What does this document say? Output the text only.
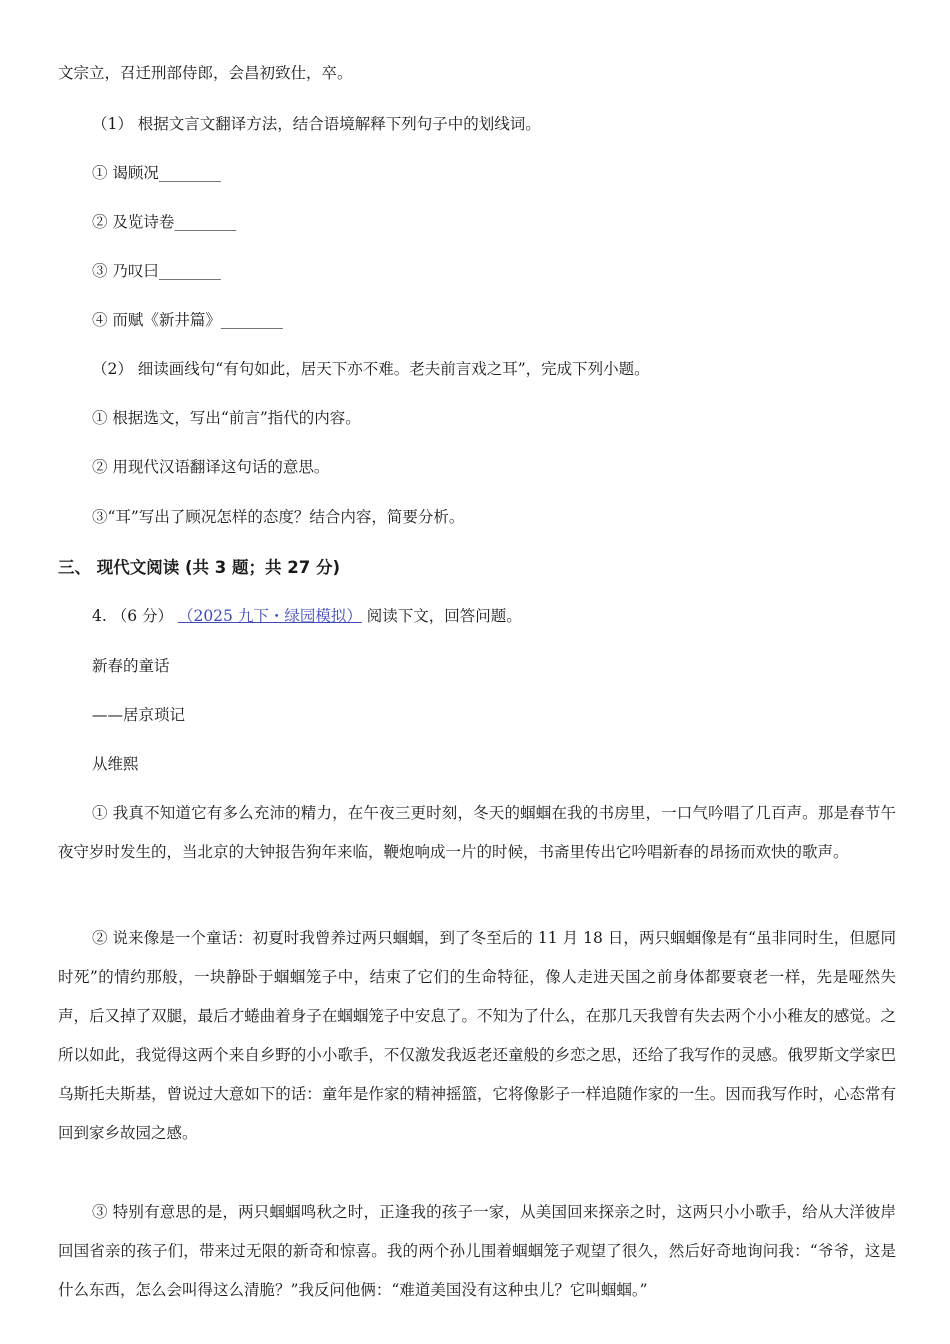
文宗立，召迁刑部侍郎，会昌初致仕，卒。
（1） 根据文言文翻译方法，结合语境解释下列句子中的划线词。
① 谒顾况________
② 及览诗卷________
③ 乃叹曰________
④ 而赋《新井篇》________
（2） 细读画线句“有句如此，居天下亦不难。老夫前言戏之耳”，完成下列小题。
① 根据选文，写出“前言”指代的内容。
② 用现代汉语翻译这句话的意思。
③“耳”写出了顾况怎样的态度？结合内容，简要分析。
三、 现代文阅读 (共 3 题；共 27 分)
4. （6 分） （2025 九下・绿园模拟） 阅读下文，回答问题。
新春的童话
——居京琐记
从维熙
① 我真不知道它有多么充沛的精力，在午夜三更时刻，冬天的蝈蝈在我的书房里，一口气吟唱了几百声。那是春节午夜守岁时发生的，当北京的大钟报告狗年来临，鞭炮响成一片的时候，书斋里传出它吟唱新春的昂扬而欢快的歌声。
② 说来像是一个童话：初夏时我曾养过两只蝈蝈，到了冬至后的 11 月 18 日，两只蝈蝈像是有“虽非同时生，但愿同时死”的情约那般，一块静卧于蝈蝈笼子中，结束了它们的生命特征，像人走进天国之前身体都要衰老一样，先是哑然失声，后又掉了双腿，最后才蜷曲着身子在蝈蝈笼子中安息了。不知为了什么，在那几天我曾有失去两个小小稚友的感觉。之所以如此，我觉得这两个来自乡野的小小歌手，不仅激发我返老还童般的乡恋之思，还给了我写作的灵感。俄罗斯文学家巴乌斯托夫斯基，曾说过大意如下的话：童年是作家的精神摇篮，它将像影子一样追随作家的一生。因而我写作时，心态常有回到家乡故园之感。
③ 特别有意思的是，两只蝈蝈鸣秋之时，正逢我的孩子一家，从美国回来探亲之时，这两只小小歌手，给从大洋彼岸回国省亲的孩子们，带来过无限的新奇和惊喜。我的两个孙儿围着蝈蝈笼子观望了很久，然后好奇地询问我：“爷爷，这是什么东西，怎么会叫得这么清脆？”我反问他俩：“难道美国没有这种虫儿？它叫蝈蝈。”
